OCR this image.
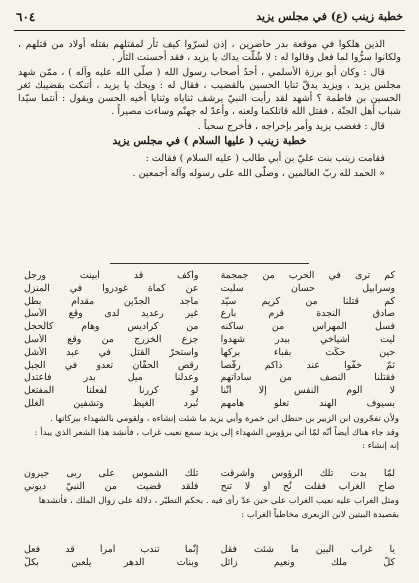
خطبة زينب (ع) في مجلس يزيد
٦٠٤

الذين هلكوا في موقعة بدر حاضرين ، إذن لسرّوا كيف ثأر لمقتلهم بقتله أولاد من قتلهم ، ولكانوا سرُّوا لما فعل وقالوا له : لا شُلّت يداك يا يزيد ، فقد أحسنت الثأر .

قال : وكان أبو برزة الأسلمي ، أحدُ أصحاب رسول الله ( صلّى الله عليه وآله ) ، ممّن شهد مجلس يزيد ، ويزيد يدقّ ثنايا الحسين بالقضيب ، فقال له : ويحك يا يزيد ، أتنكت بقضيبك ثغر الحسين بن فاطمة ؟ أشهد لقد رأيت النبيّ يرشف ثناياه وثنايا أخيه الحسن ويقول : أنتما سيّدا شباب أهل الجنّة ، فقتل الله قاتلكما ولعنه ، وأعدّ له جهنّم وساءت مصيراً .

قال : فغضب يزيد وأمر بإخراجه ، فأخرج سحباً .

خطبة زينب ( عليها السلام ) في مجلس يزيد

فقامت زينب بنت عليّ بن أبي طالب ( عليه السلام ) فقالت :

« الحمد لله ربّ العالمين ، وصلّى الله على رسوله وآله أجمعين .

كم ترى في الحرب من جمجمة
وأكف قد أبينت ورجل
وسرابيل حسان سلبت
عن كماة غودروا في المنزل
كم قتلنا من كريم سيّد
ماجد الجدّين مقدام بطل
صادق النجدة قرم بارع
غير رعديد لدى وقع الأسل
فسل المهراس من ساكنه
من كراديس وهام كالحجل
ليت أشياخي ببدر شهدوا
جزع الخزرج من وقع الأسل
حين حكّت بقباء بركها
واستحرّ القتل في عبد الأشل
ثمّ خفّوا عند ذاكم رقّصاً
رقص الحفّان تعدو في الجبل
فقتلنا النصف من ساداتهم
وعدلنا ميل بدر فاعتدل
لا ألوم النفس إلّا أنّنا
لو كررنا لفعلنا المفتعل
بسيوف الهند تعلو هامهم
تُبرد الغيظ وتشفين الغلل

ولأن تفجّرون ابن الزبير بن حنظل ابن خمرة وأبي يزيد ما شئت إنشاءه ، ولقومي بالشهداء ببركاتها .

وقد جاء هناك أيضاً أنّه لمّا أتي برؤوس الشهداء إلى يزيد سمع نعيب غراب ، فأنشد هذا الشعر الذي يبدأ :

إنه إنشاء :

لمّا بدت تلك الرؤوس وأشرقت
تلك الشموس على ربى جيرون
صاح الغراب فقلت نُح أو لا تنح
فلقد قضيت من النبيّ ديوني

ومثل الغراب عليه نعيب الغراب على حين عدّ رأى فيه . بحكم التطيّر ، دلالة على زوال الملك ، فأنشدها

بقصيدة البيتين لابن الزبعرى مخاطباً الغراب :

يا غراب البين ما شئت فقل
إنّما تندب أمراً قد فعل
كلّ ملك ونعيم زائل
وبنات الدهر يلعبن بكلّ
